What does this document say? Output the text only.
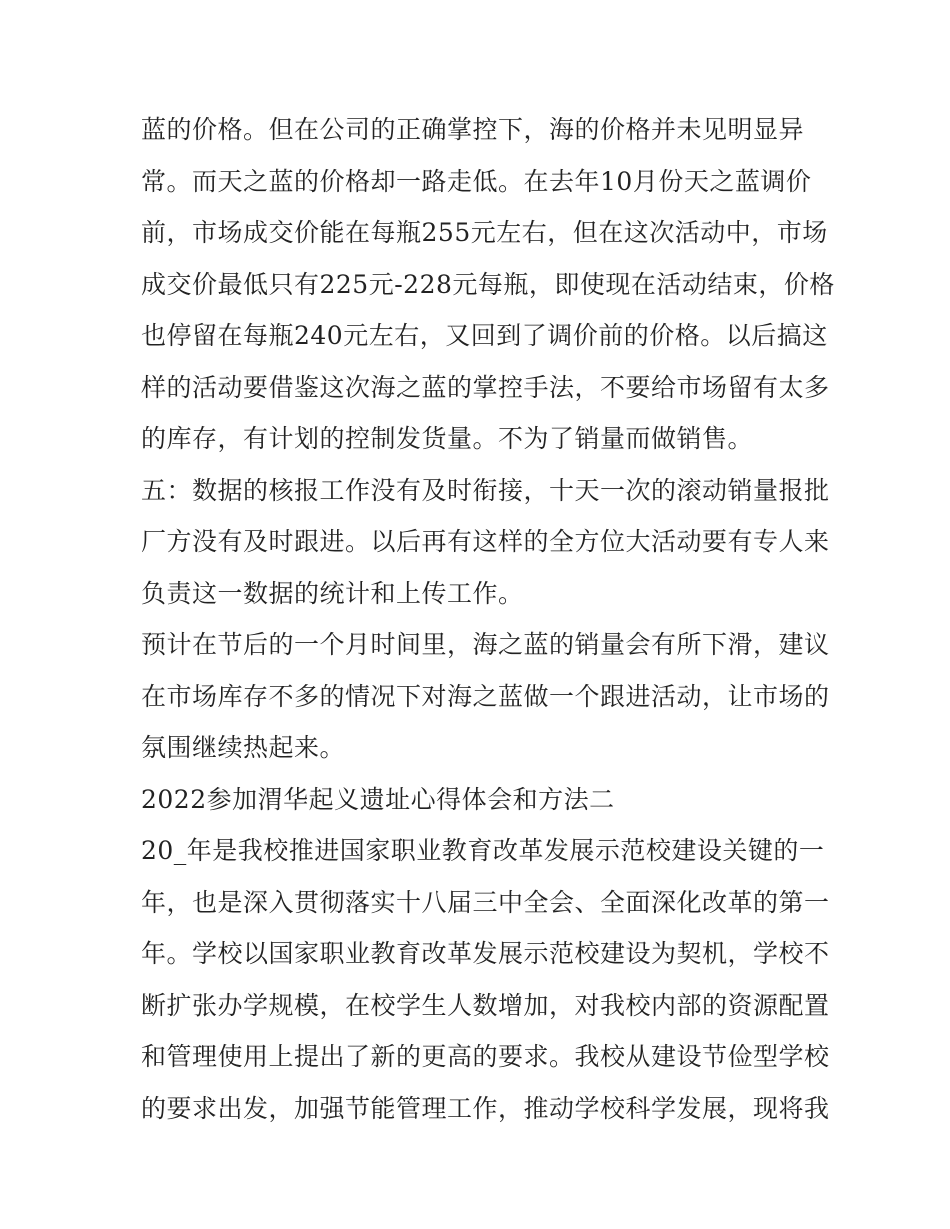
蓝的价格。但在公司的正确掌控下，海的价格并未见明显异
常。而天之蓝的价格却一路走低。在去年10月份天之蓝调价
前，市场成交价能在每瓶255元左右，但在这次活动中，市场
成交价最低只有225元-228元每瓶，即使现在活动结束，价格
也停留在每瓶240元左右，又回到了调价前的价格。以后搞这
样的活动要借鉴这次海之蓝的掌控手法，不要给市场留有太多
的库存，有计划的控制发货量。不为了销量而做销售。
五：数据的核报工作没有及时衔接，十天一次的滚动销量报批
厂方没有及时跟进。以后再有这样的全方位大活动要有专人来
负责这一数据的统计和上传工作。
预计在节后的一个月时间里，海之蓝的销量会有所下滑，建议
在市场库存不多的情况下对海之蓝做一个跟进活动，让市场的
氛围继续热起来。
2022参加渭华起义遗址心得体会和方法二
20_年是我校推进国家职业教育改革发展示范校建设关键的一
年，也是深入贯彻落实十八届三中全会、全面深化改革的第一
年。学校以国家职业教育改革发展示范校建设为契机，学校不
断扩张办学规模，在校学生人数增加，对我校内部的资源配置
和管理使用上提出了新的更高的要求。我校从建设节俭型学校
的要求出发，加强节能管理工作，推动学校科学发展，现将我
